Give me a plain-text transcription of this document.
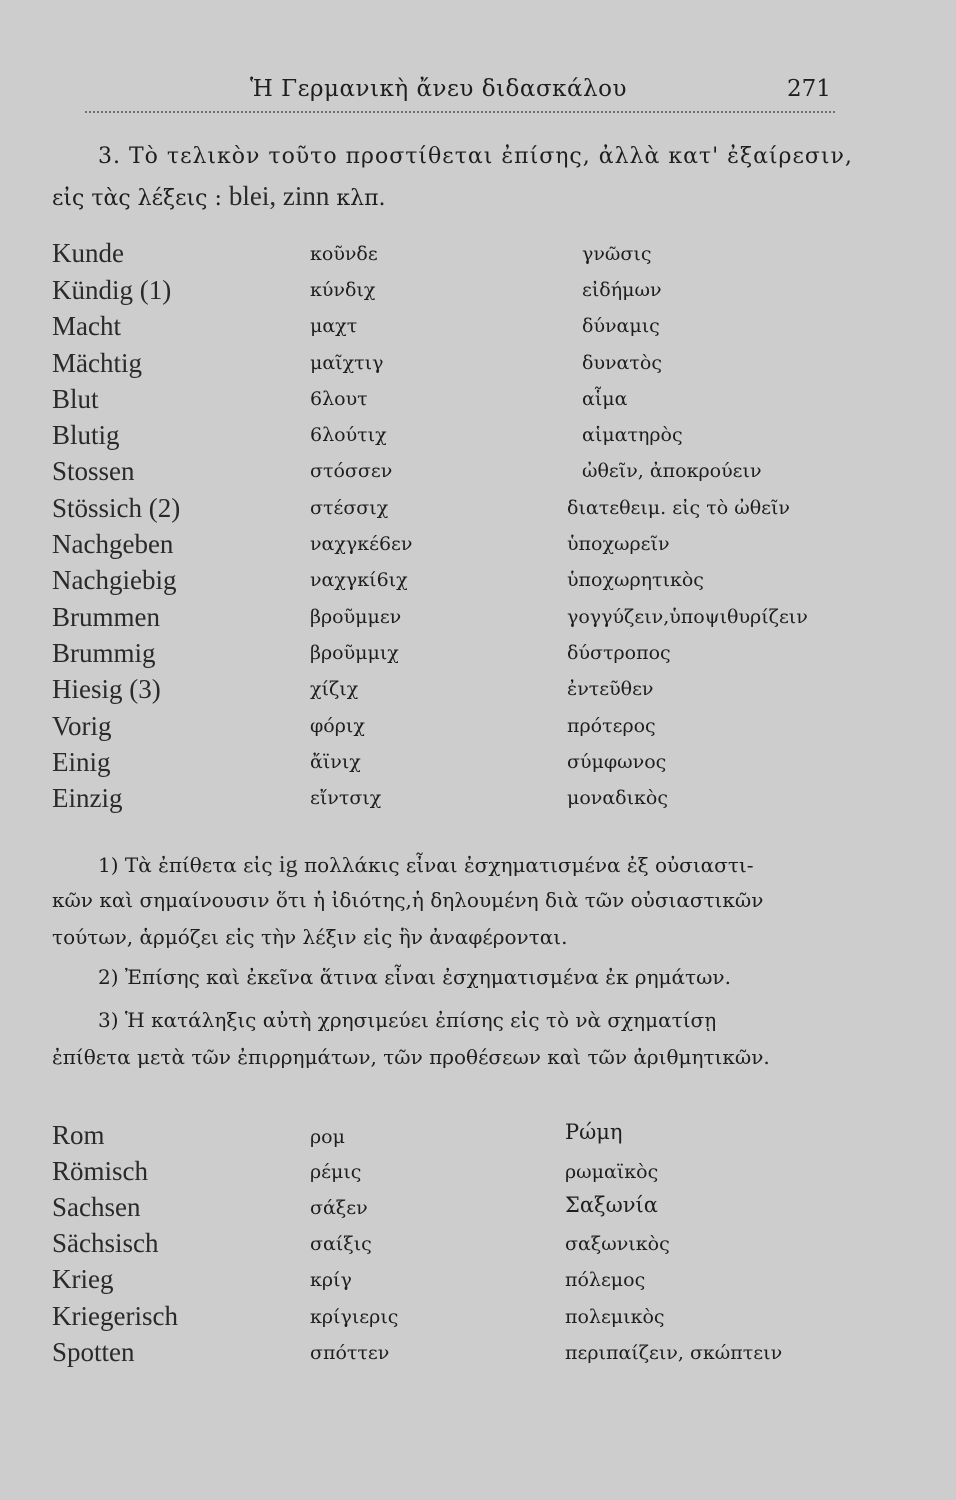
Ἡ Γερμανικὴ ἄνευ διδασκάλου	271
3. Τὸ τελικὸν τοῦτο προστίθεται ἐπίσης, ἀλλὰ κατ' ἐξαίρεσιν,
εἰς τὰς λέξεις : blei, zinn κλπ.
Kunde	κοῦνδε	γνῶσις
Kündig (1)	κύνδιχ	εἰδήμων
Macht	μαχτ	δύναμις
Mächtig	μαῖχτιγ	δυνατὸς
Blut	6λουτ	αἷμα
Blutig	6λούτιχ	αἱματηρὸς
Stossen	στόσσεν	ὠθεῖν, ἀποκρούειν
Stössich (2)	στέσσιχ	διατεθειμ. εἰς τὸ ὠθεῖν
Nachgeben	ναχγκέ6εν	ὑποχωρεῖν
Nachgiebig	ναχγκί6ιχ	ὑποχωρητικὸς
Brummen	βροῦμμεν	γογγύζειν,ὑποψιθυρίζειν
Brummig	βροῦμμιχ	δύστροπος
Hiesig (3)	χίζιχ	ἐντεῦθεν
Vorig	φόριχ	πρότερος
Einig	ἄϊνιχ	σύμφωνος
Einzig	εἴντσιχ	μοναδικὸς
1) Τὰ ἐπίθετα εἰς ig πολλάκις εἶναι ἐσχηματισμένα ἐξ οὐσιαστι-
κῶν καὶ σημαίνουσιν ὅτι ἡ ἰδιότης,ἡ δηλουμένη διὰ τῶν οὐσιαστικῶν
τούτων, ἁρμόζει εἰς τὴν λέξιν εἰς ἣν ἀναφέρονται.
2) Ἐπίσης καὶ ἐκεῖνα ἅτινα εἶναι ἐσχηματισμένα ἐκ ρημάτων.
3) Ἡ κατάληξις αὐτὴ χρησιμεύει ἐπίσης εἰς τὸ νὰ σχηματίσῃ
ἐπίθετα μετὰ τῶν ἐπιρρημάτων, τῶν προθέσεων καὶ τῶν ἀριθμητικῶν.
Rom	ρομ	Ρώμη
Römisch	ρέμις	ρωμαϊκὸς
Sachsen	σάξεν	Σαξωνία
Sächsisch	σαίξις	σαξωνικὸς
Krieg	κρίγ	πόλεμος
Kriegerisch	κρίγιερις	πολεμικὸς
Spotten	σπόττεν	περιπαίζειν, σκώπτειν
